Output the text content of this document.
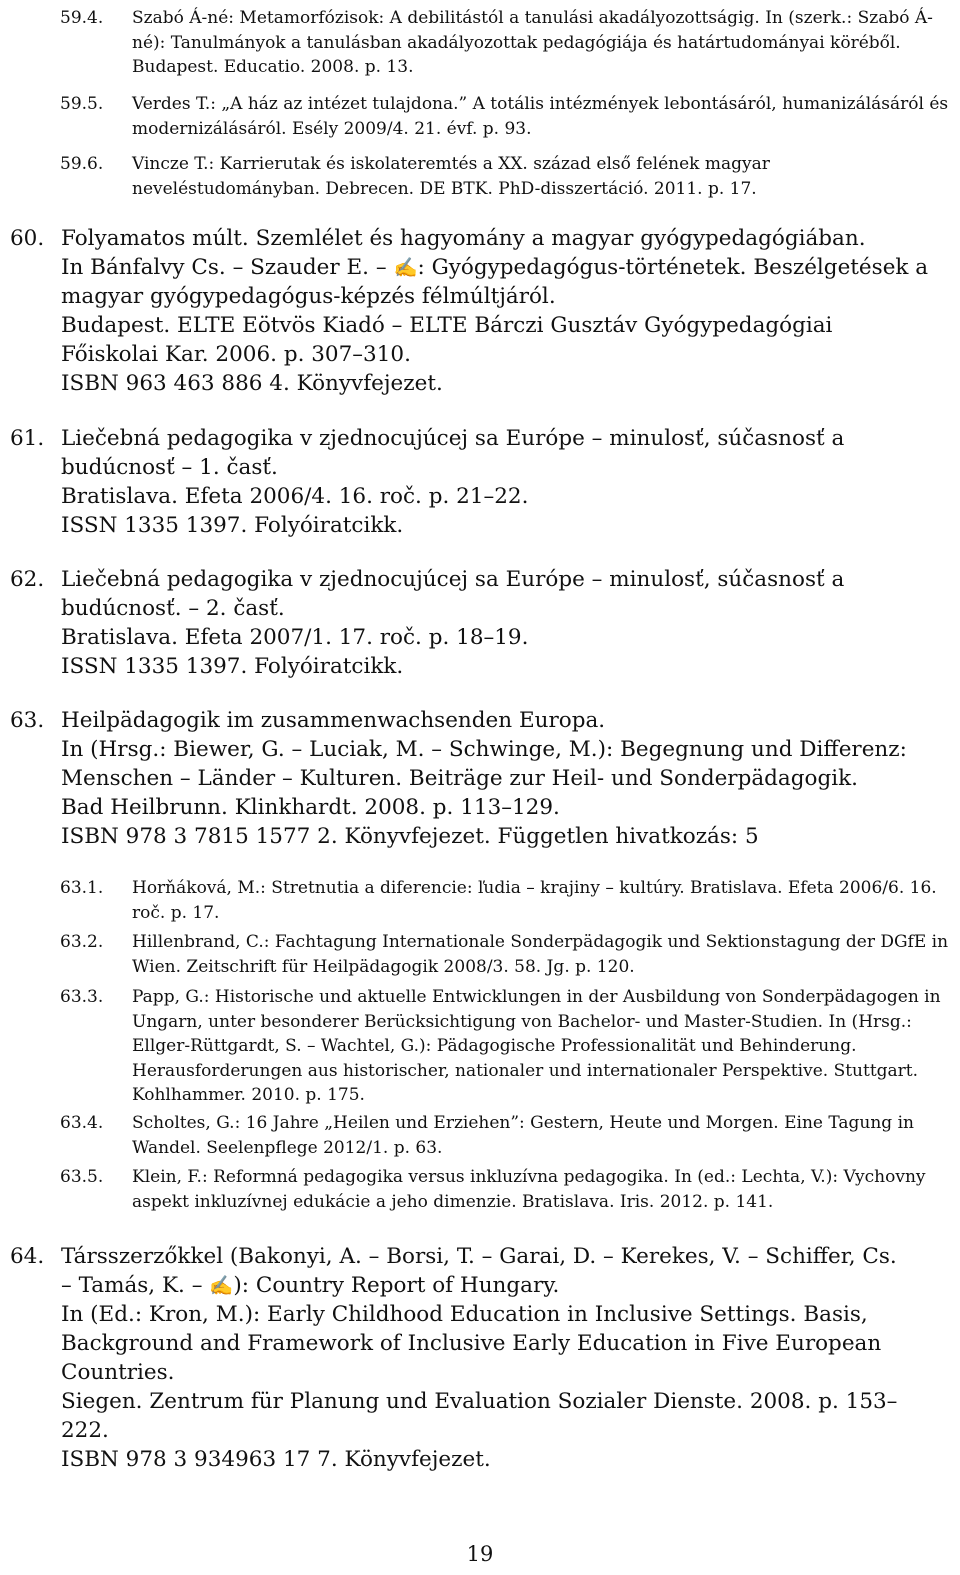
59.4. Szabó Á-né: Metamorfózisok: A debilitástól a tanulási akadályozottságig. In (szerk.: Szabó Á-né): Tanulmányok a tanulásban akadályozottak pedagógiája és határtudományai köréből. Budapest. Educatio. 2008. p. 13.
59.5. Verdes T.: „A ház az intézet tulajdona.” A totális intézmények lebontásáról, humanizálásáról és modernizálásáról. Esély 2009/4. 21. évf. p. 93.
59.6. Vincze T.: Karrierutak és iskolateremtés a XX. század első felének magyar neveléstudományban. Debrecen. DE BTK. PhD-disszertáció. 2011. p. 17.
60. Folyamatos múlt. Szemlélet és hagyomány a magyar gyógypedagógiában.
In Bánfalvy Cs. – Szauder E. – ✍: Gyógypedagógus-történetek. Beszélgetések a
magyar gyógypedagógus-képzés félmúltjáról.
Budapest. ELTE Eötvös Kiadó – ELTE Bárczi Gusztáv Gyógypedagógiai
Főiskolai Kar. 2006. p. 307–310.
ISBN 963 463 886 4. Könyvfejezet.
61. Liečebná pedagogika v zjednocujúcej sa Európe – minulosť, súčasnosť a
budúcnosť – 1. časť.
Bratislava. Efeta 2006/4. 16. roč. p. 21–22.
ISSN 1335 1397. Folyóiratcikk.
62. Liečebná pedagogika v zjednocujúcej sa Európe – minulosť, súčasnosť a
budúcnosť. – 2. časť.
Bratislava. Efeta 2007/1. 17. roč. p. 18–19.
ISSN 1335 1397. Folyóiratcikk.
63. Heilpädagogik im zusammenwachsenden Europa.
In (Hrsg.: Biewer, G. – Luciak, M. – Schwinge, M.): Begegnung und Differenz:
Menschen – Länder – Kulturen. Beiträge zur Heil- und Sonderpädagogik.
Bad Heilbrunn. Klinkhardt. 2008. p. 113–129.
ISBN 978 3 7815 1577 2. Könyvfejezet. Független hivatkozás: 5
63.1. Horňáková, M.: Stretnutia a diferencie: ľudia – krajiny – kultúry. Bratislava. Efeta 2006/6. 16. roč. p. 17.
63.2. Hillenbrand, C.: Fachtagung Internationale Sonderpädagogik und Sektionstagung der DGfE in Wien. Zeitschrift für Heilpädagogik 2008/3. 58. Jg. p. 120.
63.3. Papp, G.: Historische und aktuelle Entwicklungen in der Ausbildung von Sonderpädagogen in Ungarn, unter besonderer Berücksichtigung von Bachelor- und Master-Studien. In (Hrsg.: Ellger-Rüttgardt, S. – Wachtel, G.): Pädagogische Professionalität und Behinderung. Herausforderungen aus historischer, nationaler und internationaler Perspektive. Stuttgart. Kohlhammer. 2010. p. 175.
63.4. Scholtes, G.: 16 Jahre „Heilen und Erziehen”: Gestern, Heute und Morgen. Eine Tagung in Wandel. Seelenpflege 2012/1. p. 63.
63.5. Klein, F.: Reformná pedagogika versus inkluzívna pedagogika. In (ed.: Lechta, V.): Vychovny aspekt inkluzívnej edukácie a jeho dimenzie. Bratislava. Iris. 2012. p. 141.
64. Társszerzőkkel (Bakonyi, A. – Borsi, T. – Garai, D. – Kerekes, V. – Schiffer, Cs.
– Tamás, K. – ✍): Country Report of Hungary.
In (Ed.: Kron, M.): Early Childhood Education in Inclusive Settings. Basis,
Background and Framework of Inclusive Early Education in Five European
Countries.
Siegen. Zentrum für Planung und Evaluation Sozialer Dienste. 2008. p. 153–
222.
ISBN 978 3 934963 17 7. Könyvfejezet.
19
